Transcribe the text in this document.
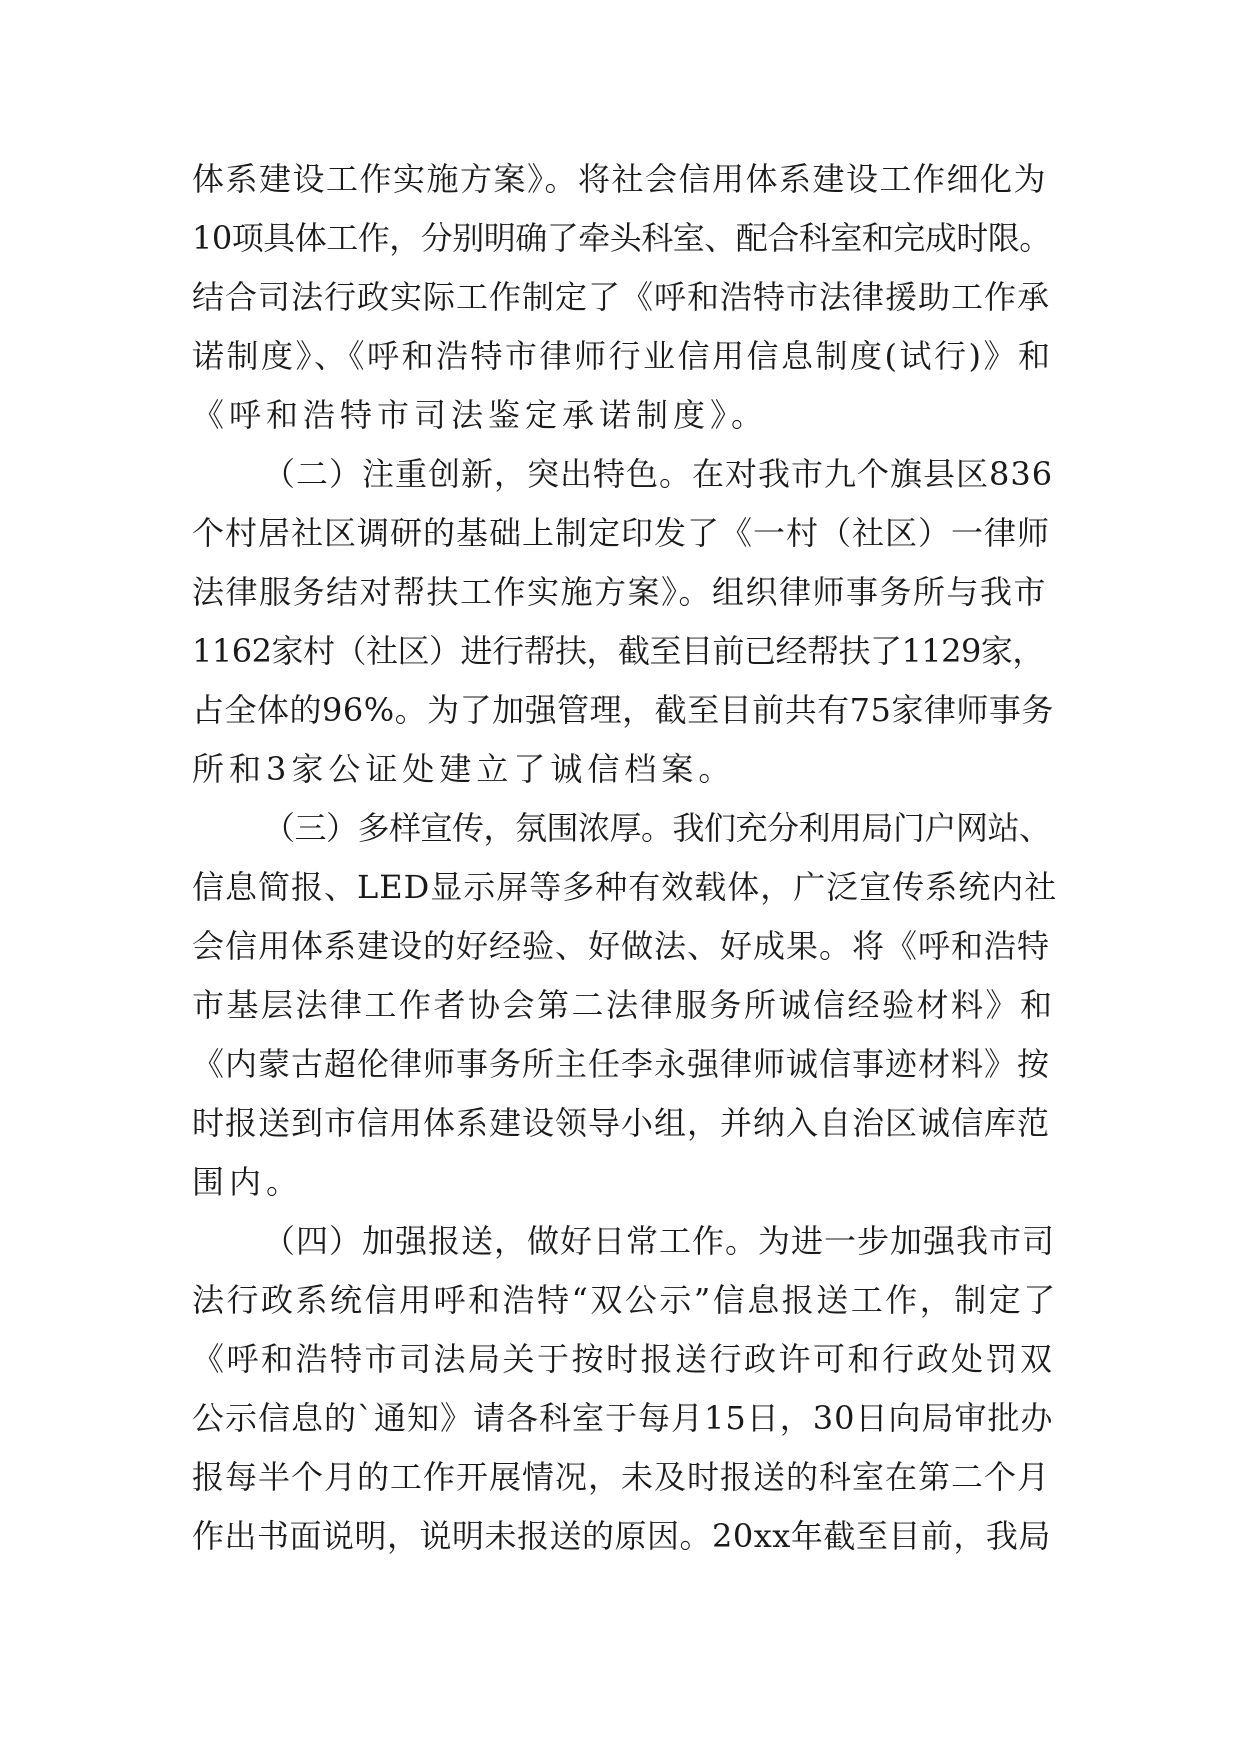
体系建设工作实施方案》。将社会信用体系建设工作细化为
10项具体工作，分别明确了牵头科室、配合科室和完成时限。
结合司法行政实际工作制定了《呼和浩特市法律援助工作承
诺制度》、《呼和浩特市律师行业信用信息制度(试行)》和
《呼和浩特市司法鉴定承诺制度》。
（二）注重创新，突出特色。在对我市九个旗县区836
个村居社区调研的基础上制定印发了《一村（社区）一律师
法律服务结对帮扶工作实施方案》。组织律师事务所与我市
1162家村（社区）进行帮扶，截至目前已经帮扶了1129家，
占全体的96%。为了加强管理，截至目前共有75家律师事务
所和3家公证处建立了诚信档案。
（三）多样宣传，氛围浓厚。我们充分利用局门户网站、
信息简报、LED显示屏等多种有效载体，广泛宣传系统内社
会信用体系建设的好经验、好做法、好成果。将《呼和浩特
市基层法律工作者协会第二法律服务所诚信经验材料》和
《内蒙古超伦律师事务所主任李永强律师诚信事迹材料》按
时报送到市信用体系建设领导小组，并纳入自治区诚信库范
围内。
（四）加强报送，做好日常工作。为进一步加强我市司
法行政系统信用呼和浩特“双公示”信息报送工作，制定了
《呼和浩特市司法局关于按时报送行政许可和行政处罚双
公示信息的`通知》请各科室于每月15日，30日向局审批办
报每半个月的工作开展情况，未及时报送的科室在第二个月
作出书面说明，说明未报送的原因。20xx年截至目前，我局
